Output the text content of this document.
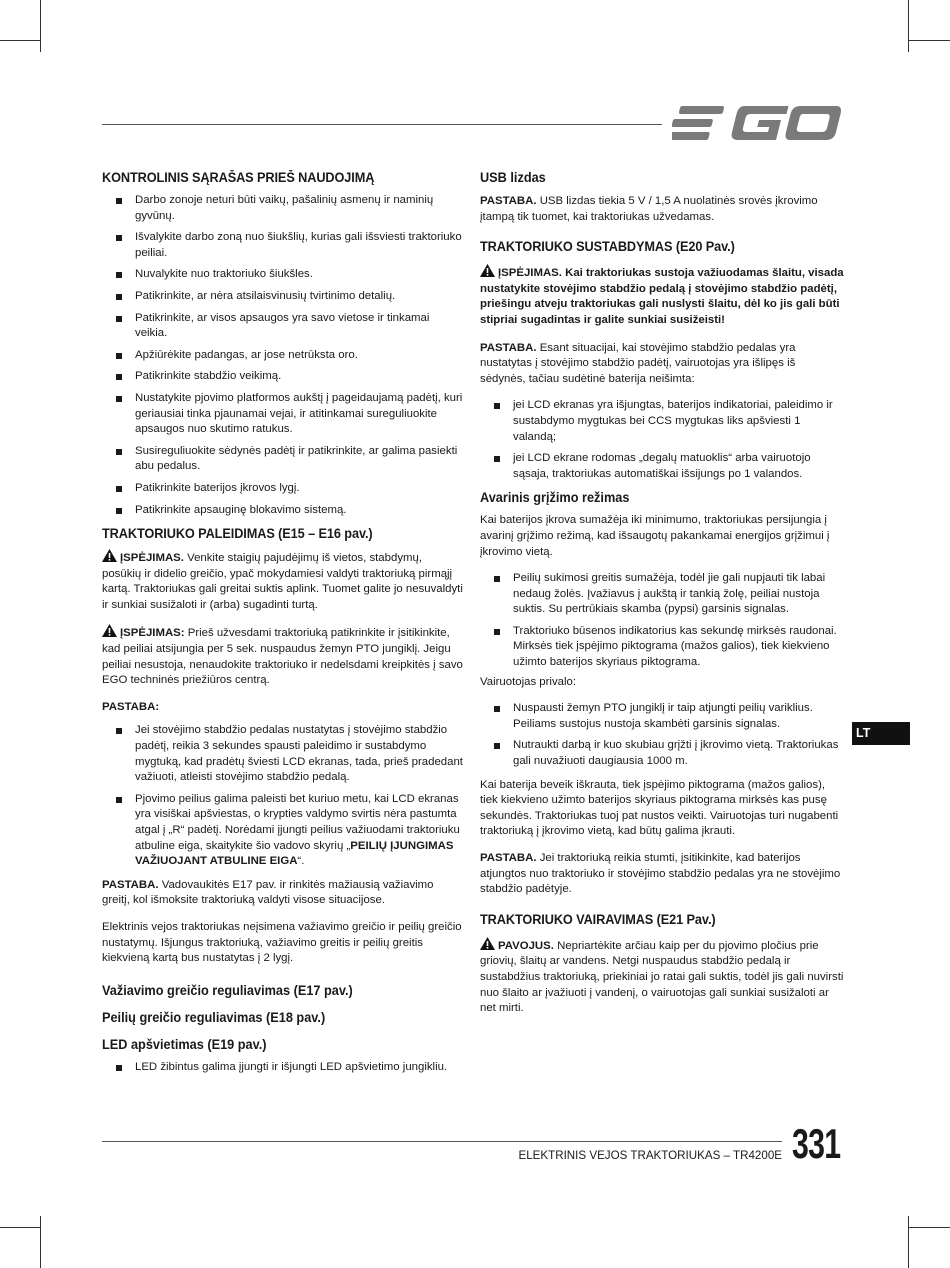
KONTROLINIS SĄRAŠAS PRIEŠ NAUDOJIMĄ
Darbo zonoje neturi būti vaikų, pašalinių asmenų ir naminių gyvūnų.
Išvalykite darbo zoną nuo šiukšlių, kurias gali išsviesti traktoriuko peiliai.
Nuvalykite nuo traktoriuko šiukšles.
Patikrinkite, ar nėra atsilaisvinusių tvirtinimo detalių.
Patikrinkite, ar visos apsaugos yra savo vietose ir tinkamai veikia.
Apžiūrėkite padangas, ar jose netrūksta oro.
Patikrinkite stabdžio veikimą.
Nustatykite pjovimo platformos aukštį į pageidaujamą padėtį, kuri geriausiai tinka pjaunamai vejai, ir atitinkamai sureguliuokite apsaugos nuo skutimo ratukus.
Susireguliuokite sėdynės padėtį ir patikrinkite, ar galima pasiekti abu pedalus.
Patikrinkite baterijos įkrovos lygį.
Patikrinkite apsauginę blokavimo sistemą.
TRAKTORIUKO PALEIDIMAS (E15 – E16 pav.)

ĮSPĖJIMAS. Venkite staigių pajudėjimų iš vietos, stabdymų, posūkių ir didelio greičio, ypač mokydamiesi valdyti traktoriuką pirmąjį kartą. Traktoriukas gali greitai suktis aplink. Tuomet galite jo nesuvaldyti ir sunkiai susižaloti ir (arba) sugadinti turtą.

ĮSPĖJIMAS: Prieš užvesdami traktoriuką patikrinkite ir įsitikinkite, kad peiliai atsijungia per 5 sek. nuspaudus žemyn PTO jungiklį. Jeigu peiliai nesustoja, nenaudokite traktoriuko ir nedelsdami kreipkitės į savo EGO techninės priežiūros centrą.

PASTABA:

Jei stovėjimo stabdžio pedalas nustatytas į stovėjimo stabdžio padėtį, reikia 3 sekundes spausti paleidimo ir sustabdymo mygtuką, kad pradėtų šviesti LCD ekranas, tada, prieš pradedant važiuoti, atleisti stovėjimo stabdžio pedalą.
Pjovimo peilius galima paleisti bet kuriuo metu, kai LCD ekranas yra visiškai apšviestas, o krypties valdymo svirtis nėra pastumta atgal į „R“ padėtį. Norėdami įjungti peilius važiuodami traktoriuku atbuline eiga, skaitykite šio vadovo skyrių „PEILIŲ ĮJUNGIMAS VAŽIUOJANT ATBULINE EIGA“.

PASTABA. Vadovaukitės E17 pav. ir rinkitės mažiausią važiavimo greitį, kol išmoksite traktoriuką valdyti visose situacijose.

Elektrinis vejos traktoriukas neįsimena važiavimo greičio ir peilių greičio nustatymų. Išjungus traktoriuką, važiavimo greitis ir peilių greitis kiekvieną kartą bus nustatytas į 2 lygį.

Važiavimo greičio reguliavimas (E17 pav.)
Peilių greičio reguliavimas (E18 pav.)
LED apšvietimas (E19 pav.)
LED žibintus galima įjungti ir išjungti LED apšvietimo jungikliu.
USB lizdas

PASTABA. USB lizdas tiekia 5 V / 1,5 A nuolatinės srovės įkrovimo įtampą tik tuomet, kai traktoriukas užvedamas.

TRAKTORIUKO SUSTABDYMAS (E20 Pav.)

ĮSPĖJIMAS. Kai traktoriukas sustoja važiuodamas šlaitu, visada nustatykite stovėjimo stabdžio pedalą į stovėjimo stabdžio padėtį, priešingu atveju traktoriukas gali nuslysti šlaitu, dėl ko jis gali būti stipriai sugadintas ir galite sunkiai susižeisti!

PASTABA. Esant situacijai, kai stovėjimo stabdžio pedalas yra nustatytas į stovėjimo stabdžio padėtį, vairuotojas yra išlipęs iš sėdynės, tačiau sudėtinė baterija neišimta:

jei LCD ekranas yra išjungtas, baterijos indikatoriai, paleidimo ir sustabdymo mygtukas bei CCS mygtukas liks apšviesti 1 valandą;
jei LCD ekrane rodomas „degalų matuoklis“ arba vairuotojo sąsaja, traktoriukas automatiškai išsijungs po 1 valandos.
Avarinis grįžimo režimas

Kai baterijos įkrova sumažėja iki minimumo, traktoriukas persijungia į avarinį grįžimo režimą, kad išsaugotų pakankamai energijos grįžimui į įkrovimo vietą.

Peilių sukimosi greitis sumažėja, todėl jie gali nupjauti tik labai nedaug žolės. Įvažiavus į aukštą ir tankią žolę, peiliai nustoja suktis. Su pertrūkiais skamba (pypsi) garsinis signalas.
Traktoriuko būsenos indikatorius kas sekundę mirksės raudonai. Mirksės tiek įspėjimo piktograma (mažos galios), tiek kiekvieno užimto baterijos skyriaus piktograma.

Vairuotojas privalo:

Nuspausti žemyn PTO jungiklį ir taip atjungti peilių variklius. Peiliams sustojus nustoja skambėti garsinis signalas.
Nutraukti darbą ir kuo skubiau grįžti į įkrovimo vietą. Traktoriukas gali nuvažiuoti daugiausia 1000 m.

Kai baterija beveik iškrauta, tiek įspėjimo piktograma (mažos galios), tiek kiekvieno užimto baterijos skyriaus piktograma mirksės kas pusę sekundės. Traktoriukas tuoj pat nustos veikti. Vairuotojas turi nugabenti traktoriuką į įkrovimo vietą, kad būtų galima įkrauti.

PASTABA. Jei traktoriuką reikia stumti, įsitikinkite, kad baterijos atjungtos nuo traktoriuko ir stovėjimo stabdžio pedalas yra ne stovėjimo stabdžio padėtyje.

TRAKTORIUKO VAIRAVIMAS (E21 Pav.)

PAVOJUS. Nepriartėkite arčiau kaip per du pjovimo pločius prie griovių, šlaitų ar vandens. Netgi nuspaudus stabdžio pedalą ir sustabdžius traktoriuką, priekiniai jo ratai gali suktis, todėl jis gali nuvirsti nuo šlaito ar įvažiuoti į vandenį, o vairuotojas gali sunkiai susižaloti ar net mirti.

LT
ELEKTRINIS VEJOS TRAKTORIUKAS – TR4200E 331
